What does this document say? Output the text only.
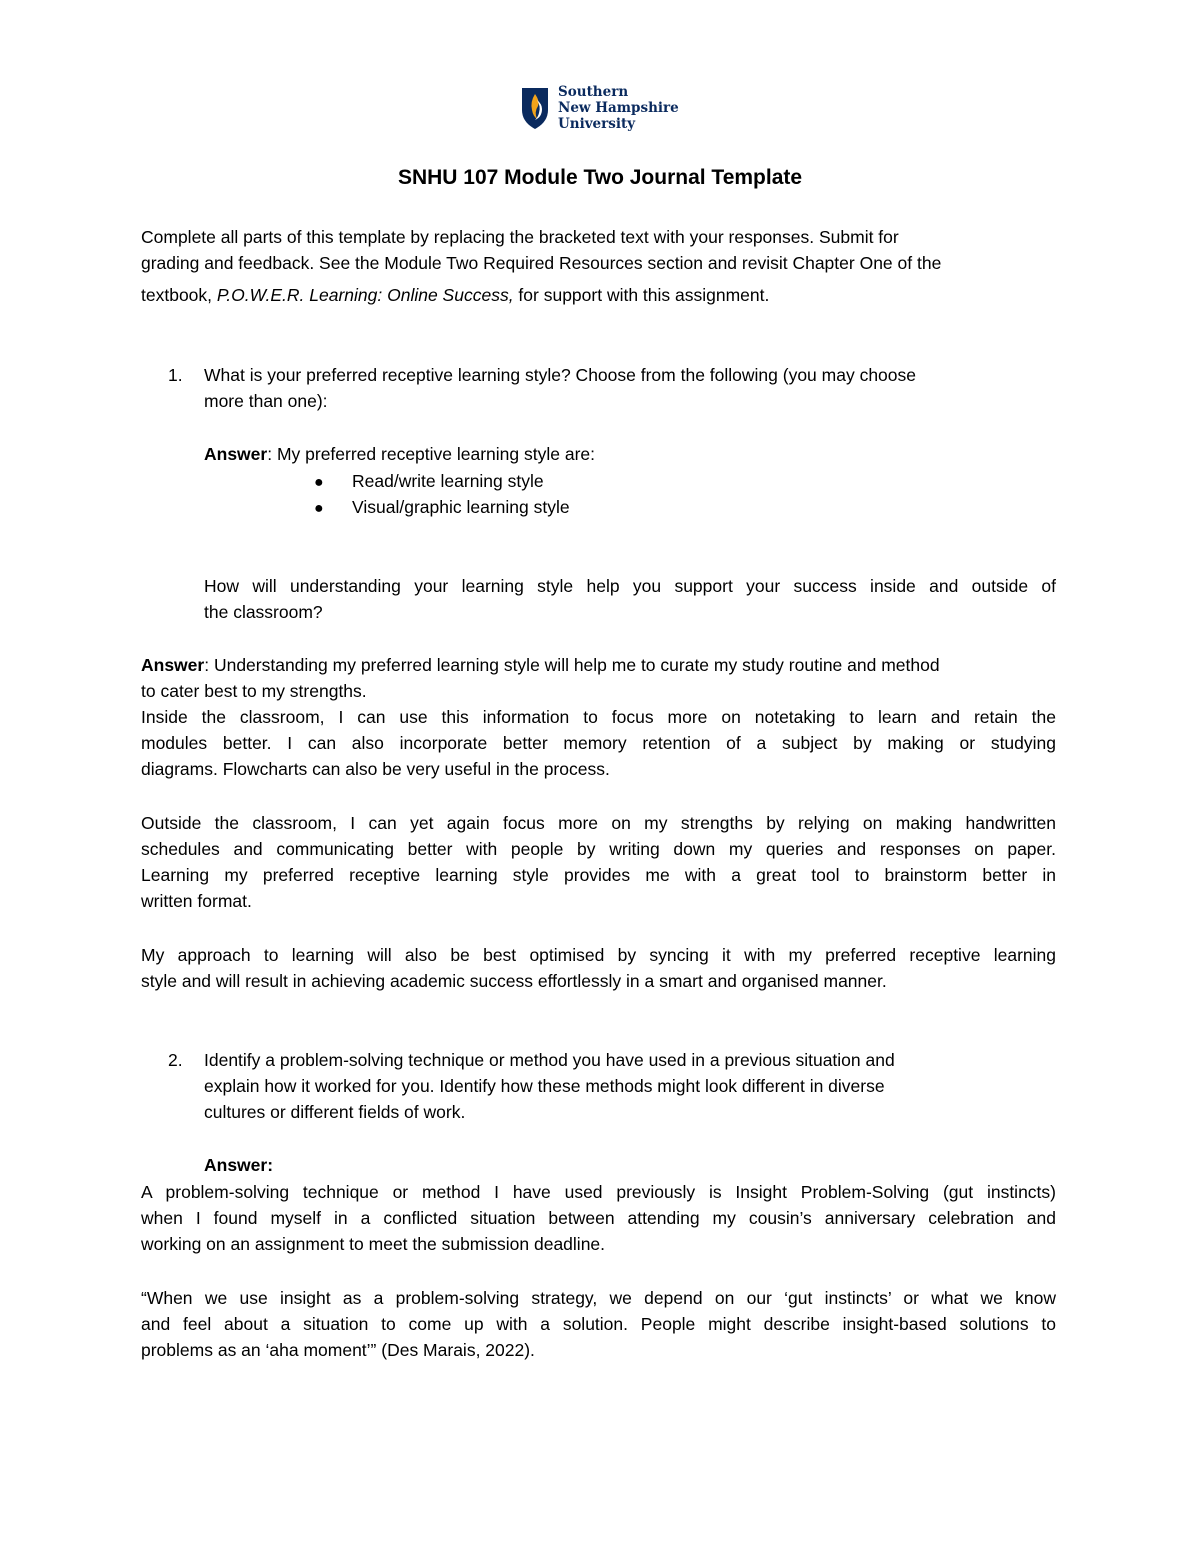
Southern
New Hampshire
University
SNHU 107 Module Two Journal Template
Complete all parts of this template by replacing the bracketed text with your responses. Submit for
grading and feedback. See the Module Two Required Resources section and revisit Chapter One of the
textbook, P.O.W.E.R. Learning: Online Success, for support with this assignment.
1. What is your preferred receptive learning style? Choose from the following (you may choose
more than one):
Answer: My preferred receptive learning style are:
● Read/write learning style
● Visual/graphic learning style
How will understanding your learning style help you support your success inside and outside of
the classroom?
Answer: Understanding my preferred learning style will help me to curate my study routine and method
to cater best to my strengths.
Inside the classroom, I can use this information to focus more on notetaking to learn and retain the
modules better. I can also incorporate better memory retention of a subject by making or studying
diagrams. Flowcharts can also be very useful in the process.
Outside the classroom, I can yet again focus more on my strengths by relying on making handwritten
schedules and communicating better with people by writing down my queries and responses on paper.
Learning my preferred receptive learning style provides me with a great tool to brainstorm better in
written format.
My approach to learning will also be best optimised by syncing it with my preferred receptive learning
style and will result in achieving academic success effortlessly in a smart and organised manner.
2. Identify a problem-solving technique or method you have used in a previous situation and
explain how it worked for you. Identify how these methods might look different in diverse
cultures or different fields of work.
Answer:
A problem-solving technique or method I have used previously is Insight Problem-Solving (gut instincts)
when I found myself in a conflicted situation between attending my cousin’s anniversary celebration and
working on an assignment to meet the submission deadline.
“When we use insight as a problem-solving strategy, we depend on our ‘gut instincts’ or what we know
and feel about a situation to come up with a solution. People might describe insight-based solutions to
problems as an ‘aha moment’” (Des Marais, 2022).
